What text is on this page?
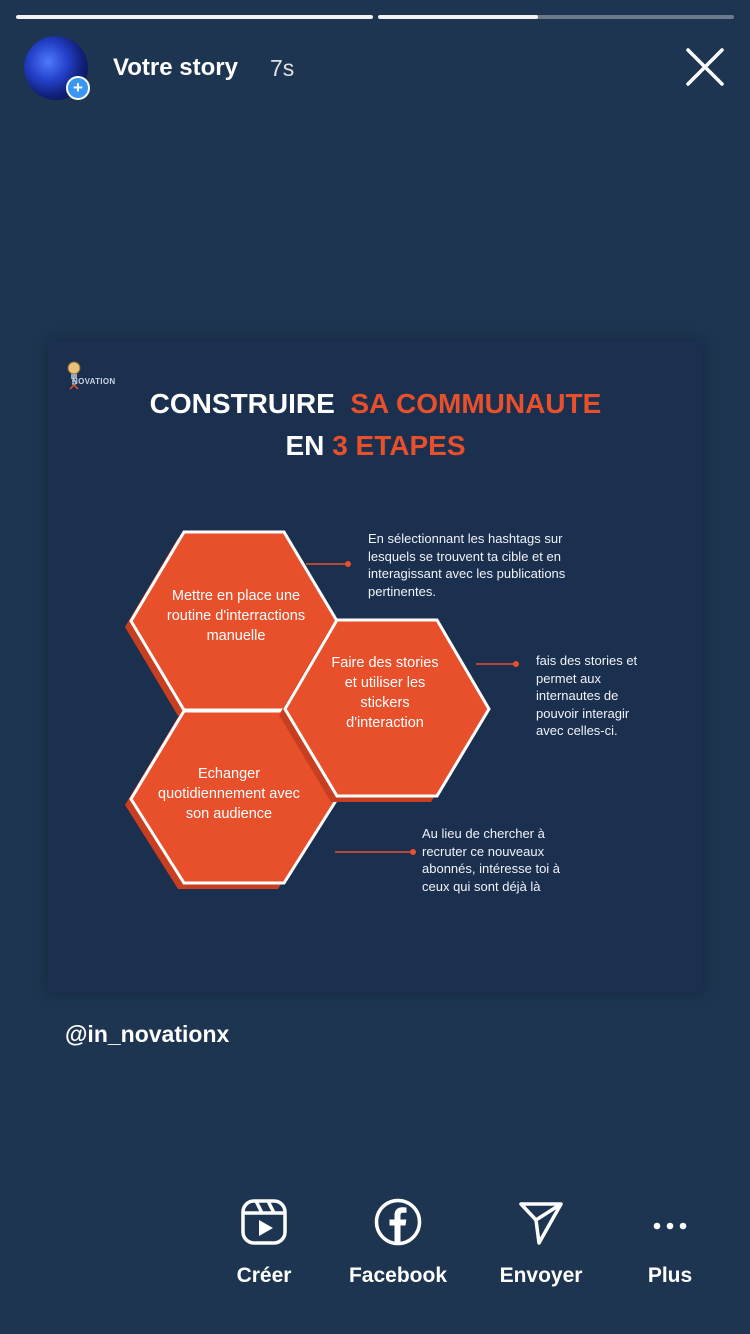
+
Votre story 7s
NOVATION
CONSTRUIRE SA COMMUNAUTE
EN 3 ETAPES
Mettre en place une routine d'interractions manuelle
Faire des stories et utiliser les stickers d'interaction
Echanger quotidiennement avec son audience
En sélectionnant les hashtags sur lesquels se trouvent ta cible et en interagissant avec les publications pertinentes.
fais des stories et permet aux internautes de pouvoir interagir avec celles-ci.
Au lieu de chercher à recruter ce nouveaux abonnés, intéresse toi à ceux qui sont déjà là
@in_novationx
Créer	Facebook	Envoyer	Plus
